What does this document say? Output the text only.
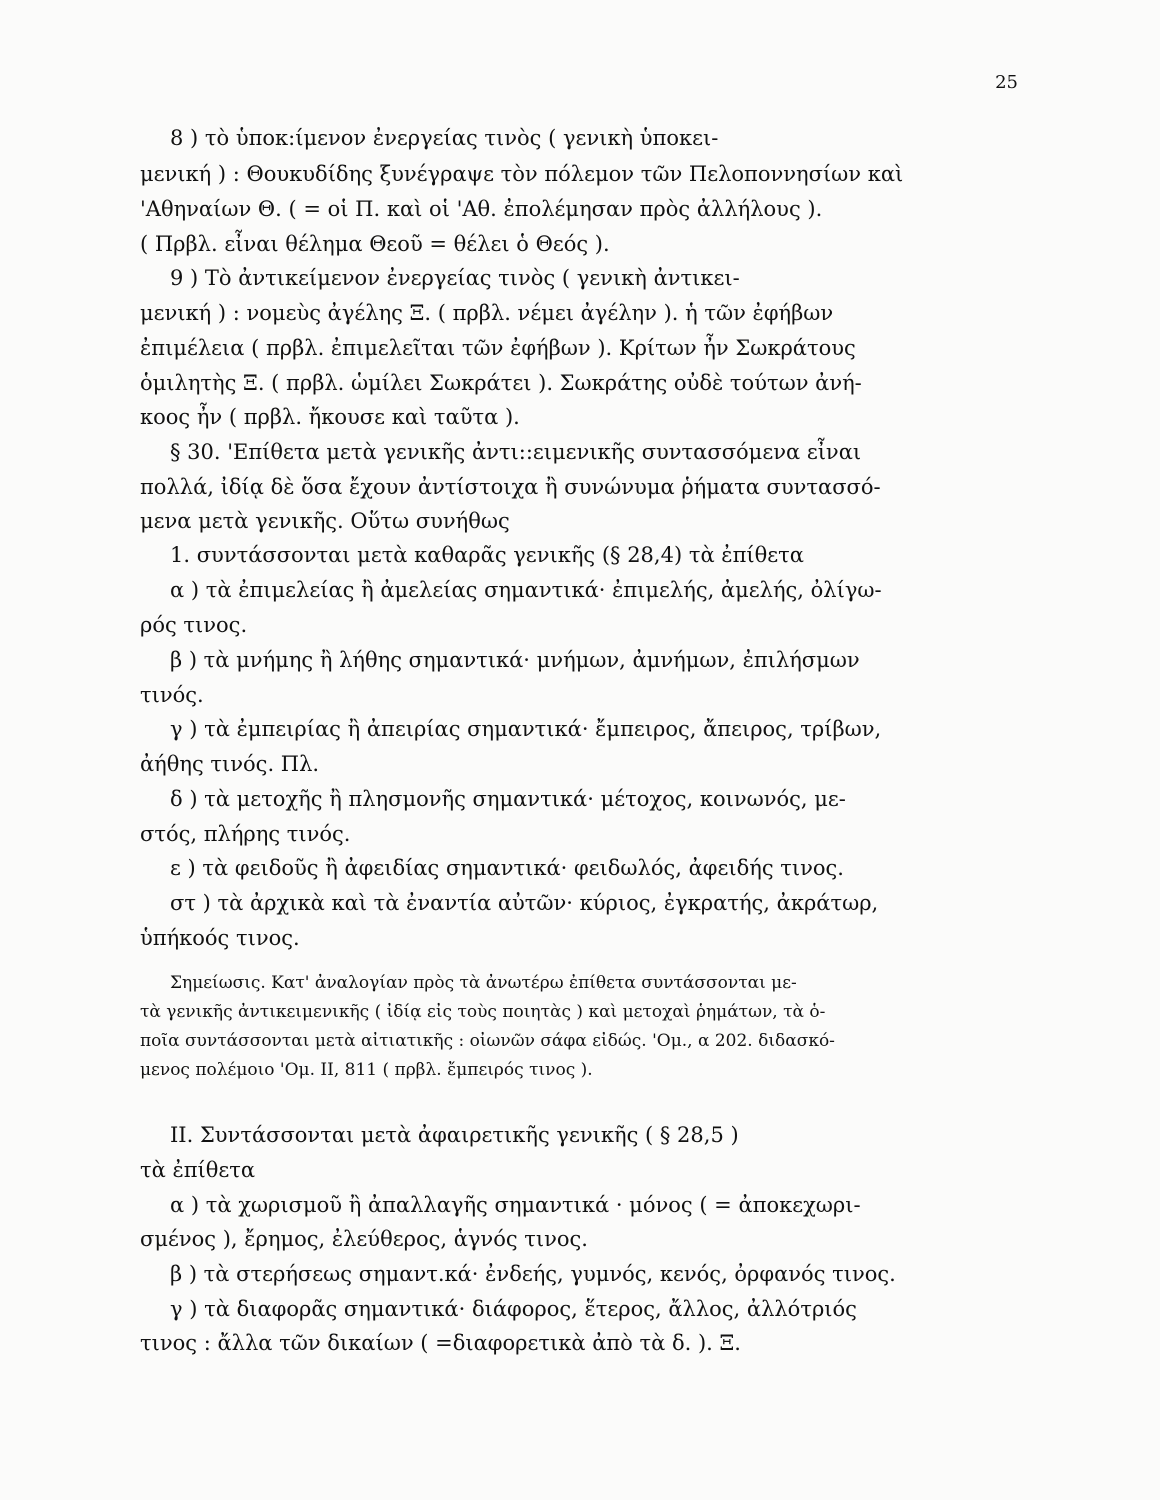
25
8 ) τὸ ὑποκ:ίμενον ἐνεργείας τινὸς ( γενικὴ ὑποκει-
μενική ) : Θουκυδίδης ξυνέγραψε τὸν πόλεμον τῶν Πελοποννησίων καὶ
'Αθηναίων Θ. ( = οἱ Π. καὶ οἱ 'Αθ. ἐπολέμησαν πρὸς ἀλλήλους ).
( Πρβλ. εἶναι θέλημα Θεοῦ = θέλει ὁ Θεός ).
9 ) Τὸ ἀντικείμενον ἐνεργείας τινὸς ( γενικὴ ἀντικει-
μενική ) : νομεὺς ἀγέλης Ξ. ( πρβλ. νέμει ἀγέλην ). ἡ τῶν ἐφήβων
ἐπιμέλεια ( πρβλ. ἐπιμελεῖται τῶν ἐφήβων ). Κρίτων ἦν Σωκράτους
ὁμιλητὴς Ξ. ( πρβλ. ὡμίλει Σωκράτει ). Σωκράτης οὐδὲ τούτων ἀνή-
κοος ἦν ( πρβλ. ἤκουσε καὶ ταῦτα ).
§ 30. 'Επίθετα μετὰ γενικῆς ἀντι::ειμενικῆς συντασσόμενα εἶναι
πολλά, ἰδίᾳ δὲ ὅσα ἔχουν ἀντίστοιχα ἢ συνώνυμα ῥήματα συντασσό-
μενα μετὰ γενικῆς. Οὕτω συνήθως
1. συντάσσονται μετὰ καθαρᾶς γενικῆς (§ 28,4) τὰ ἐπίθετα
α ) τὰ ἐπιμελείας ἢ ἀμελείας σημαντικά· ἐπιμελής, ἀμελής, ὀλίγω-
ρός τινος.
β ) τὰ μνήμης ἢ λήθης σημαντικά· μνήμων, ἀμνήμων, ἐπιλήσμων
τινός.
γ ) τὰ ἐμπειρίας ἢ ἀπειρίας σημαντικά· ἔμπειρος, ἄπειρος, τρίβων,
ἀήθης τινός. Πλ.
δ ) τὰ μετοχῆς ἢ πλησμονῆς σημαντικά· μέτοχος, κοινωνός, με-
στός, πλήρης τινός.
ε ) τὰ φειδοῦς ἢ ἀφειδίας σημαντικά· φειδωλός, ἀφειδής τινος.
στ ) τὰ ἀρχικὰ καὶ τὰ ἐναντία αὐτῶν· κύριος, ἐγκρατής, ἀκράτωρ,
ὑπήκοός τινος.
Σημείωσις. Κατ' ἀναλογίαν πρὸς τὰ ἀνωτέρω ἐπίθετα συντάσσονται με-
τὰ γενικῆς ἀντικειμενικῆς ( ἰδίᾳ εἰς τοὺς ποιητὰς ) καὶ μετοχαὶ ῥημάτων, τὰ ὁ-
ποῖα συντάσσονται μετὰ αἰτιατικῆς : οἰωνῶν σάφα εἰδώς. 'Ομ., α 202. διδασκό-
μενος πολέμοιο 'Ομ. ΙΙ, 811 ( πρβλ. ἔμπειρός τινος ).
ΙΙ. Συντάσσονται μετὰ ἀφαιρετικῆς γενικῆς ( § 28,5 )
τὰ ἐπίθετα
α ) τὰ χωρισμοῦ ἢ ἀπαλλαγῆς σημαντικά · μόνος ( = ἀποκεχωρι-
σμένος ), ἔρημος, ἐλεύθερος, ἁγνός τινος.
β ) τὰ στερήσεως σημαντ.κά· ἐνδεής, γυμνός, κενός, ὀρφανός τινος.
γ ) τὰ διαφορᾶς σημαντικά· διάφορος, ἕτερος, ἄλλος, ἀλλότριός
τινος : ἄλλα τῶν δικαίων ( =διαφορετικὰ ἀπὸ τὰ δ. ). Ξ.
